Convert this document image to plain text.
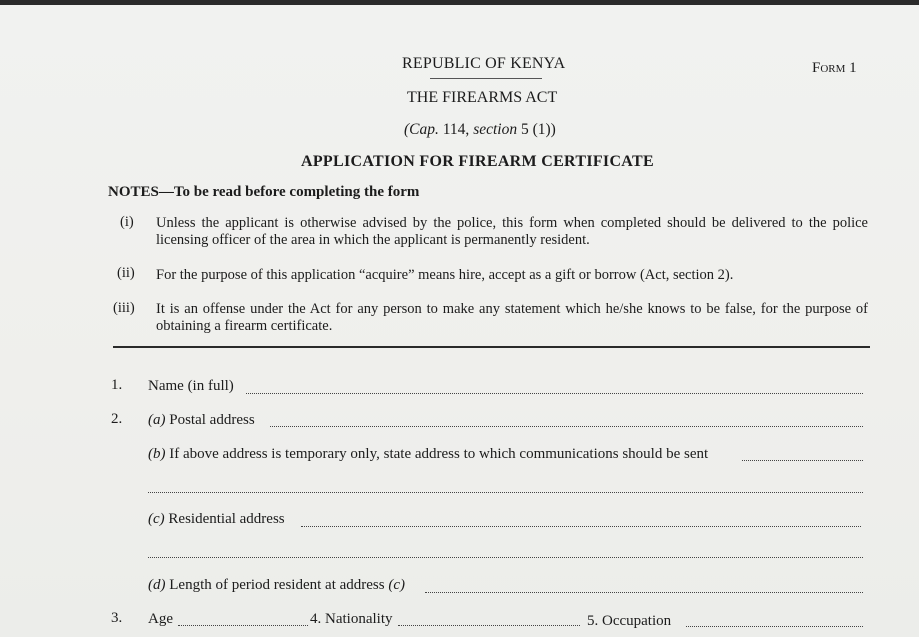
REPUBLIC OF KENYA	Form 1
THE FIREARMS ACT
(Cap. 114, section 5 (1))
APPLICATION FOR FIREARM CERTIFICATE
NOTES—To be read before completing the form
(i) Unless the applicant is otherwise advised by the police, this form when completed should be delivered to the police licensing officer of the area in which the applicant is permanently resident.
(ii) For the purpose of this application “acquire” means hire, accept as a gift or borrow (Act, section 2).
(iii) It is an offense under the Act for any person to make any statement which he/she knows to be false, for the purpose of obtaining a firearm certificate.
1. Name (in full)
2. (a) Postal address
(b) If above address is temporary only, state address to which communications should be sent
(c) Residential address
(d) Length of period resident at address (c)
3. Age	4. Nationality	5. Occupation
